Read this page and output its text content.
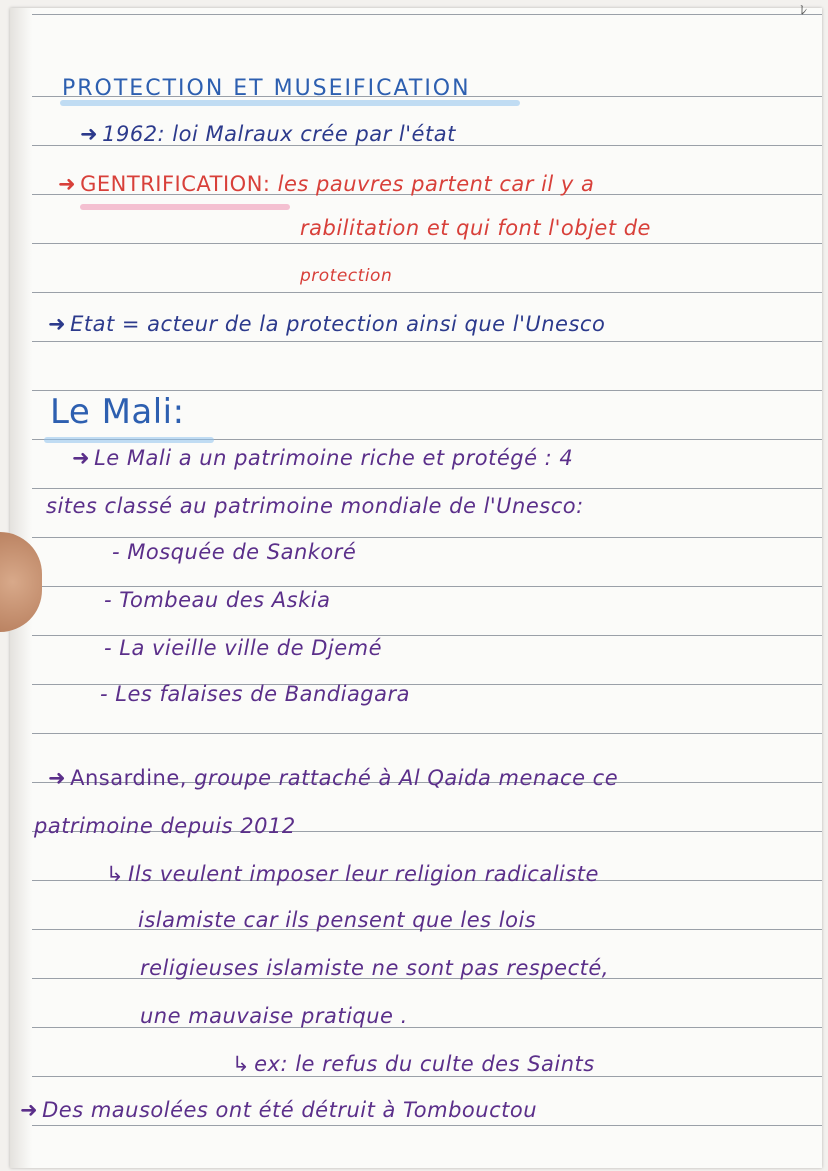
ﾚ
PROTECTION ET MUSEIFICATION
➜ 1962: loi Malraux crée par l'état
➜ GENTRIFICATION: les pauvres partent car il y a
rabilitation et qui font l'objet de
protection
➜ Etat = acteur de la protection ainsi que l'Unesco
Le Mali:
➜ Le Mali a un patrimoine riche et protégé : 4
sites classé au patrimoine mondiale de l'Unesco:
- Mosquée de Sankoré
- Tombeau des Askia
- La vieille ville de Djemé
- Les falaises de Bandiagara
➜ Ansardine, groupe rattaché à Al Qaida menace ce
patrimoine depuis 2012
↳ Ils veulent imposer leur religion radicaliste
islamiste car ils pensent que les lois
religieuses islamiste ne sont pas respecté,
une mauvaise pratique .
↳ ex: le refus du culte des Saints
➜ Des mausolées ont été détruit à Tombouctou
